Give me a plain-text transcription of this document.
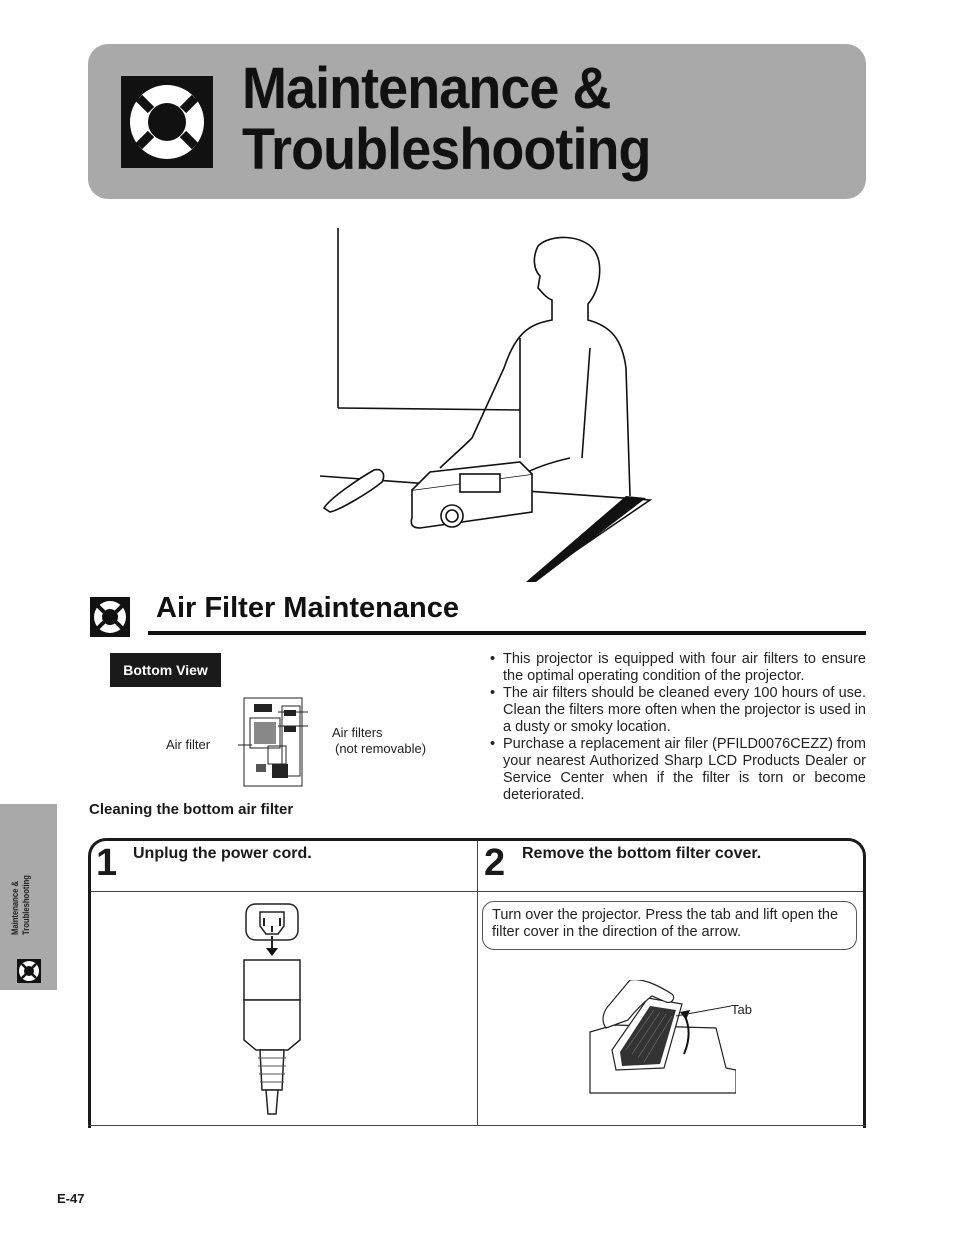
Maintenance &
Troubleshooting
Air Filter Maintenance
Bottom View
Air filter
Air filters
(not removable)
Cleaning the bottom air filter
• This projector is equipped with four air filters to ensure the optimal operating condition of the projector.
• The air filters should be cleaned every 100 hours of use. Clean the filters more often when the projector is used in a dusty or smoky location.
• Purchase a replacement air filer (PFILD0076CEZZ) from your nearest Authorized Sharp LCD Products Dealer or Service Center when if the filter is torn or become deteriorated.
Maintenance & Troubleshooting
1 Unplug the power cord.	2 Remove the bottom filter cover.
Turn over the projector. Press the tab and lift open the filter cover in the direction of the arrow.
Tab
E-47
